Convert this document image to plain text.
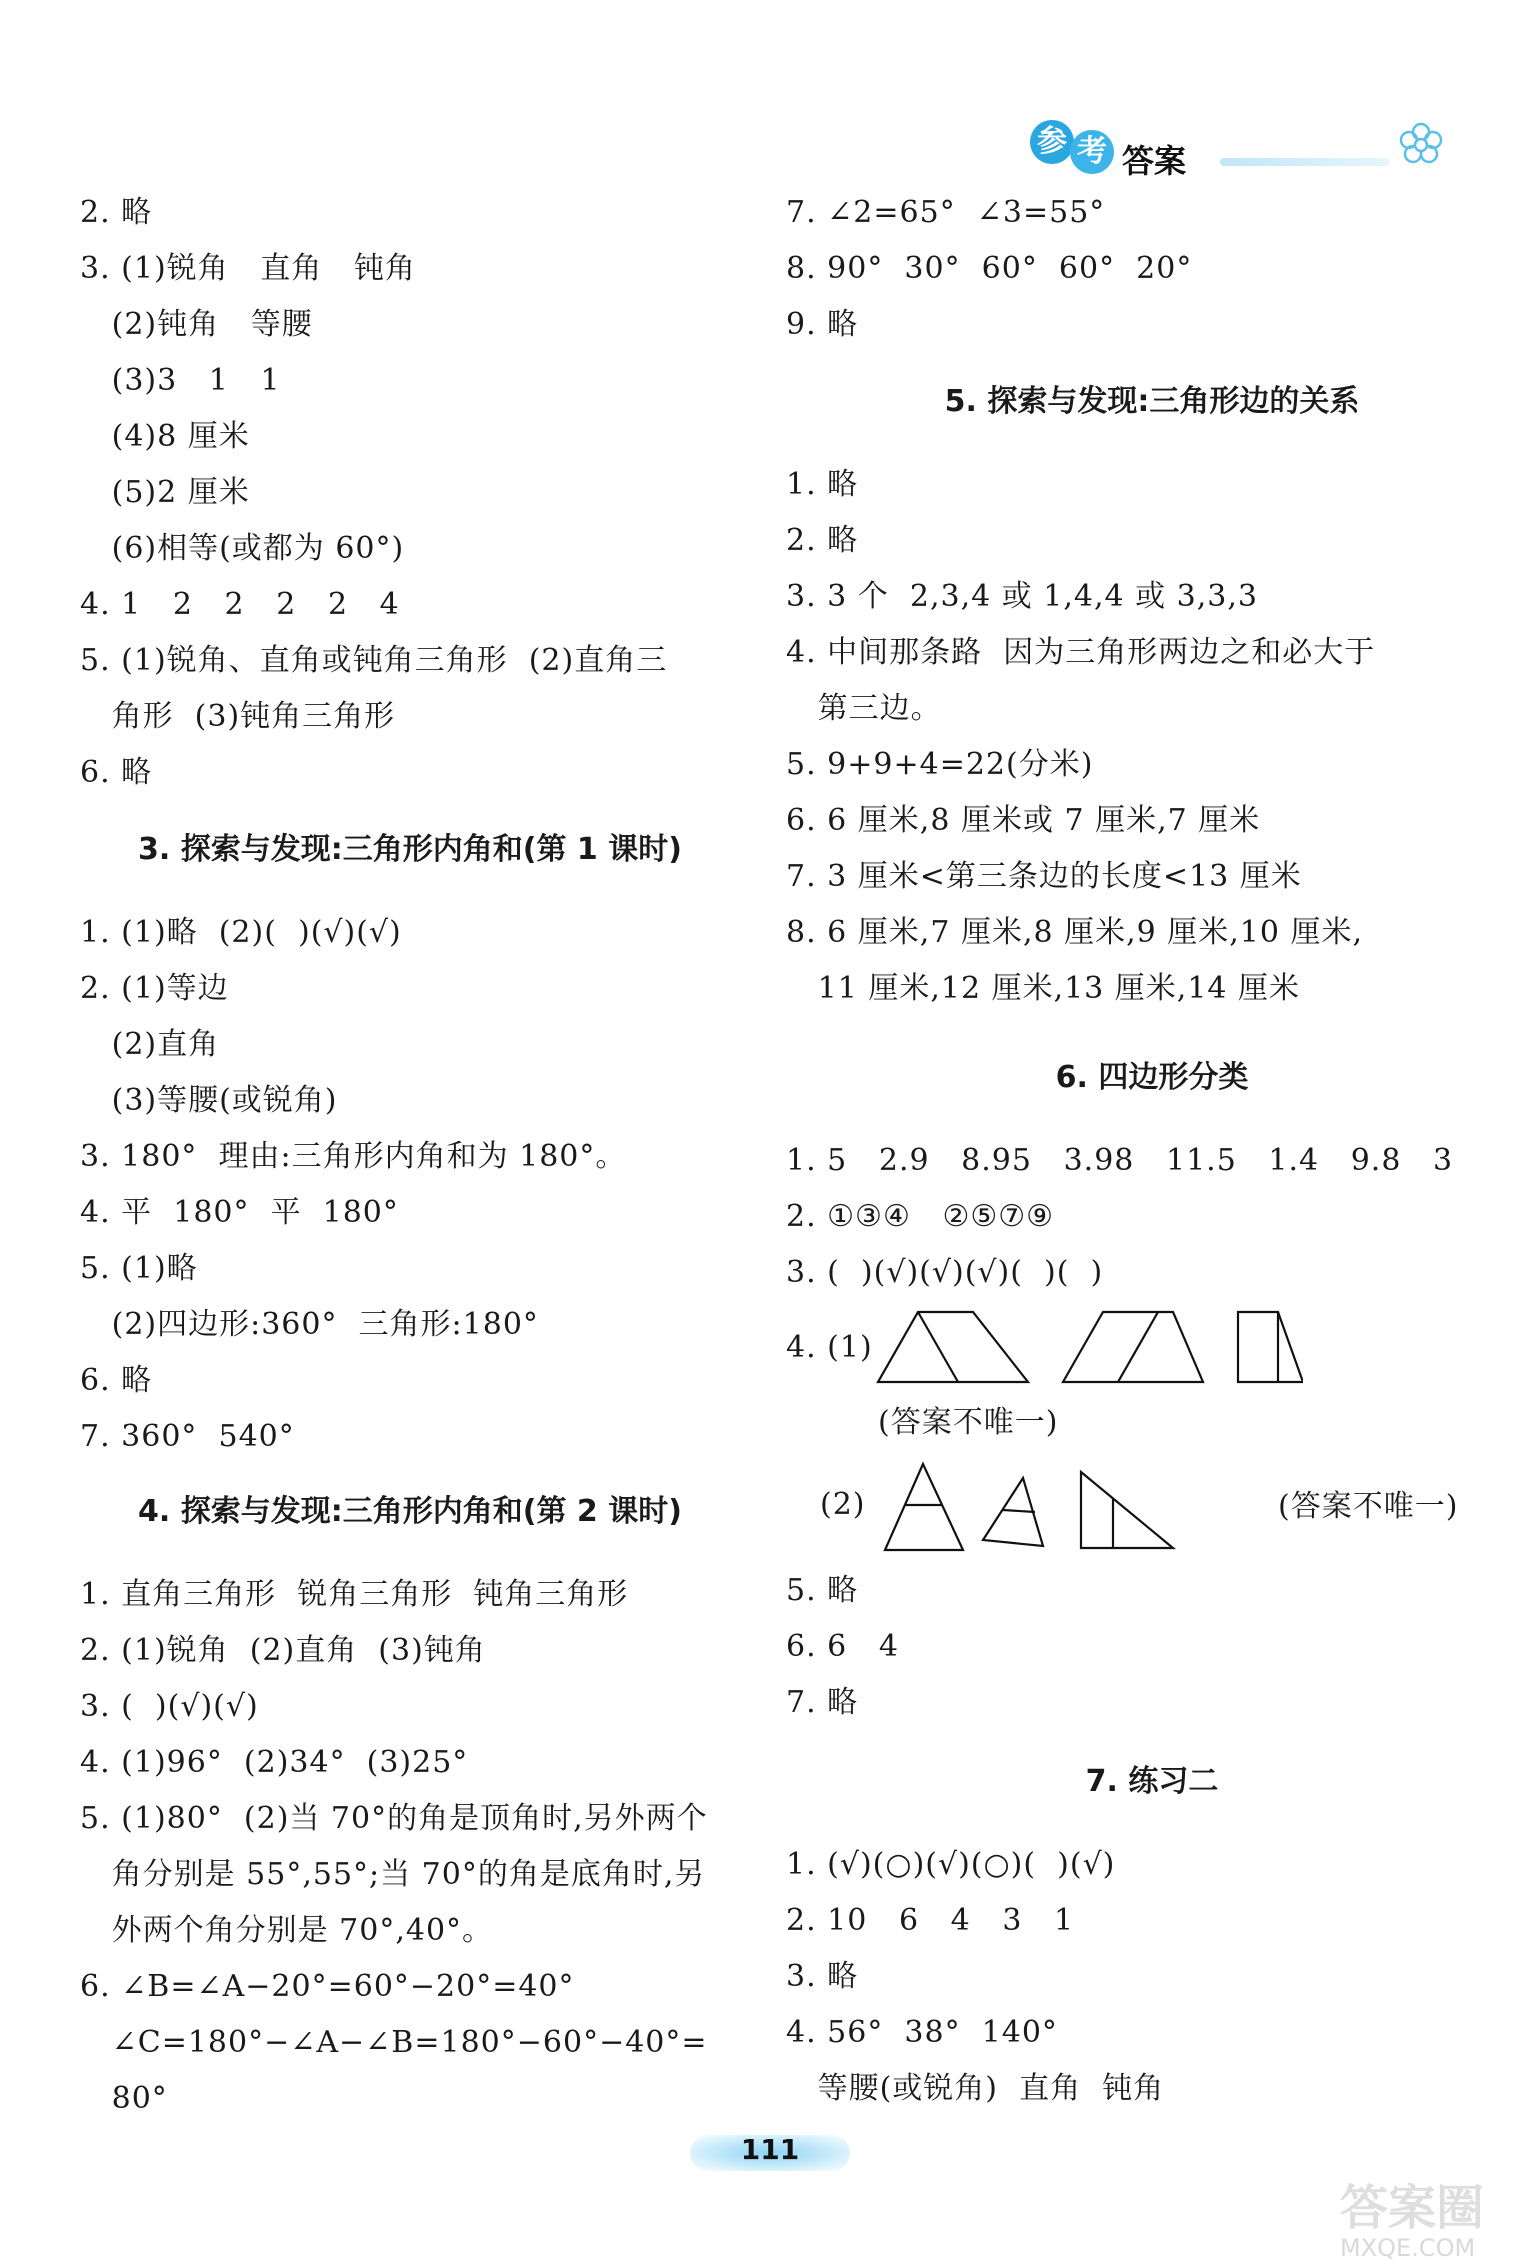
参 考 答案
2. 略
3. (1)锐角   直角   钝角
(2)钝角   等腰
(3)3   1   1
(4)8 厘米
(5)2 厘米
(6)相等(或都为 60°)
4. 1   2   2   2   2   4
5. (1)锐角、直角或钝角三角形  (2)直角三
角形  (3)钝角三角形
6. 略
3. 探索与发现:三角形内角和(第 1 课时)
1. (1)略  (2)(  )(√)(√)
2. (1)等边
(2)直角
(3)等腰(或锐角)
3. 180°  理由:三角形内角和为 180°。
4. 平  180°  平  180°
5. (1)略
(2)四边形:360°  三角形:180°
6. 略
7. 360°  540°
4. 探索与发现:三角形内角和(第 2 课时)
1. 直角三角形  锐角三角形  钝角三角形
2. (1)锐角  (2)直角  (3)钝角
3. (  )(√)(√)
4. (1)96°  (2)34°  (3)25°
5. (1)80°  (2)当 70°的角是顶角时,另外两个
角分别是 55°,55°;当 70°的角是底角时,另
外两个角分别是 70°,40°。
6. ∠B=∠A−20°=60°−20°=40°
∠C=180°−∠A−∠B=180°−60°−40°=
80°
7. ∠2=65°  ∠3=55°
8. 90°  30°  60°  60°  20°
9. 略
5. 探索与发现:三角形边的关系
1. 略
2. 略
3. 3 个  2,3,4 或 1,4,4 或 3,3,3
4. 中间那条路  因为三角形两边之和必大于
第三边。
5. 9+9+4=22(分米)
6. 6 厘米,8 厘米或 7 厘米,7 厘米
7. 3 厘米<第三条边的长度<13 厘米
8. 6 厘米,7 厘米,8 厘米,9 厘米,10 厘米,
11 厘米,12 厘米,13 厘米,14 厘米
6. 四边形分类
1. 5   2.9   8.95   3.98   11.5   1.4   9.8   3
2. ①③④   ②⑤⑦⑨
3. (  )(√)(√)(√)(  )(  )
4. (1)
(答案不唯一)
(2)	(答案不唯一)
5. 略
6. 6   4
7. 略
7. 练习二
1. (√)(○)(√)(○)(  )(√)
2. 10   6   4   3   1
3. 略
4. 56°  38°  140°
等腰(或锐角)  直角  钝角
111
答案圈
MXQE.COM
